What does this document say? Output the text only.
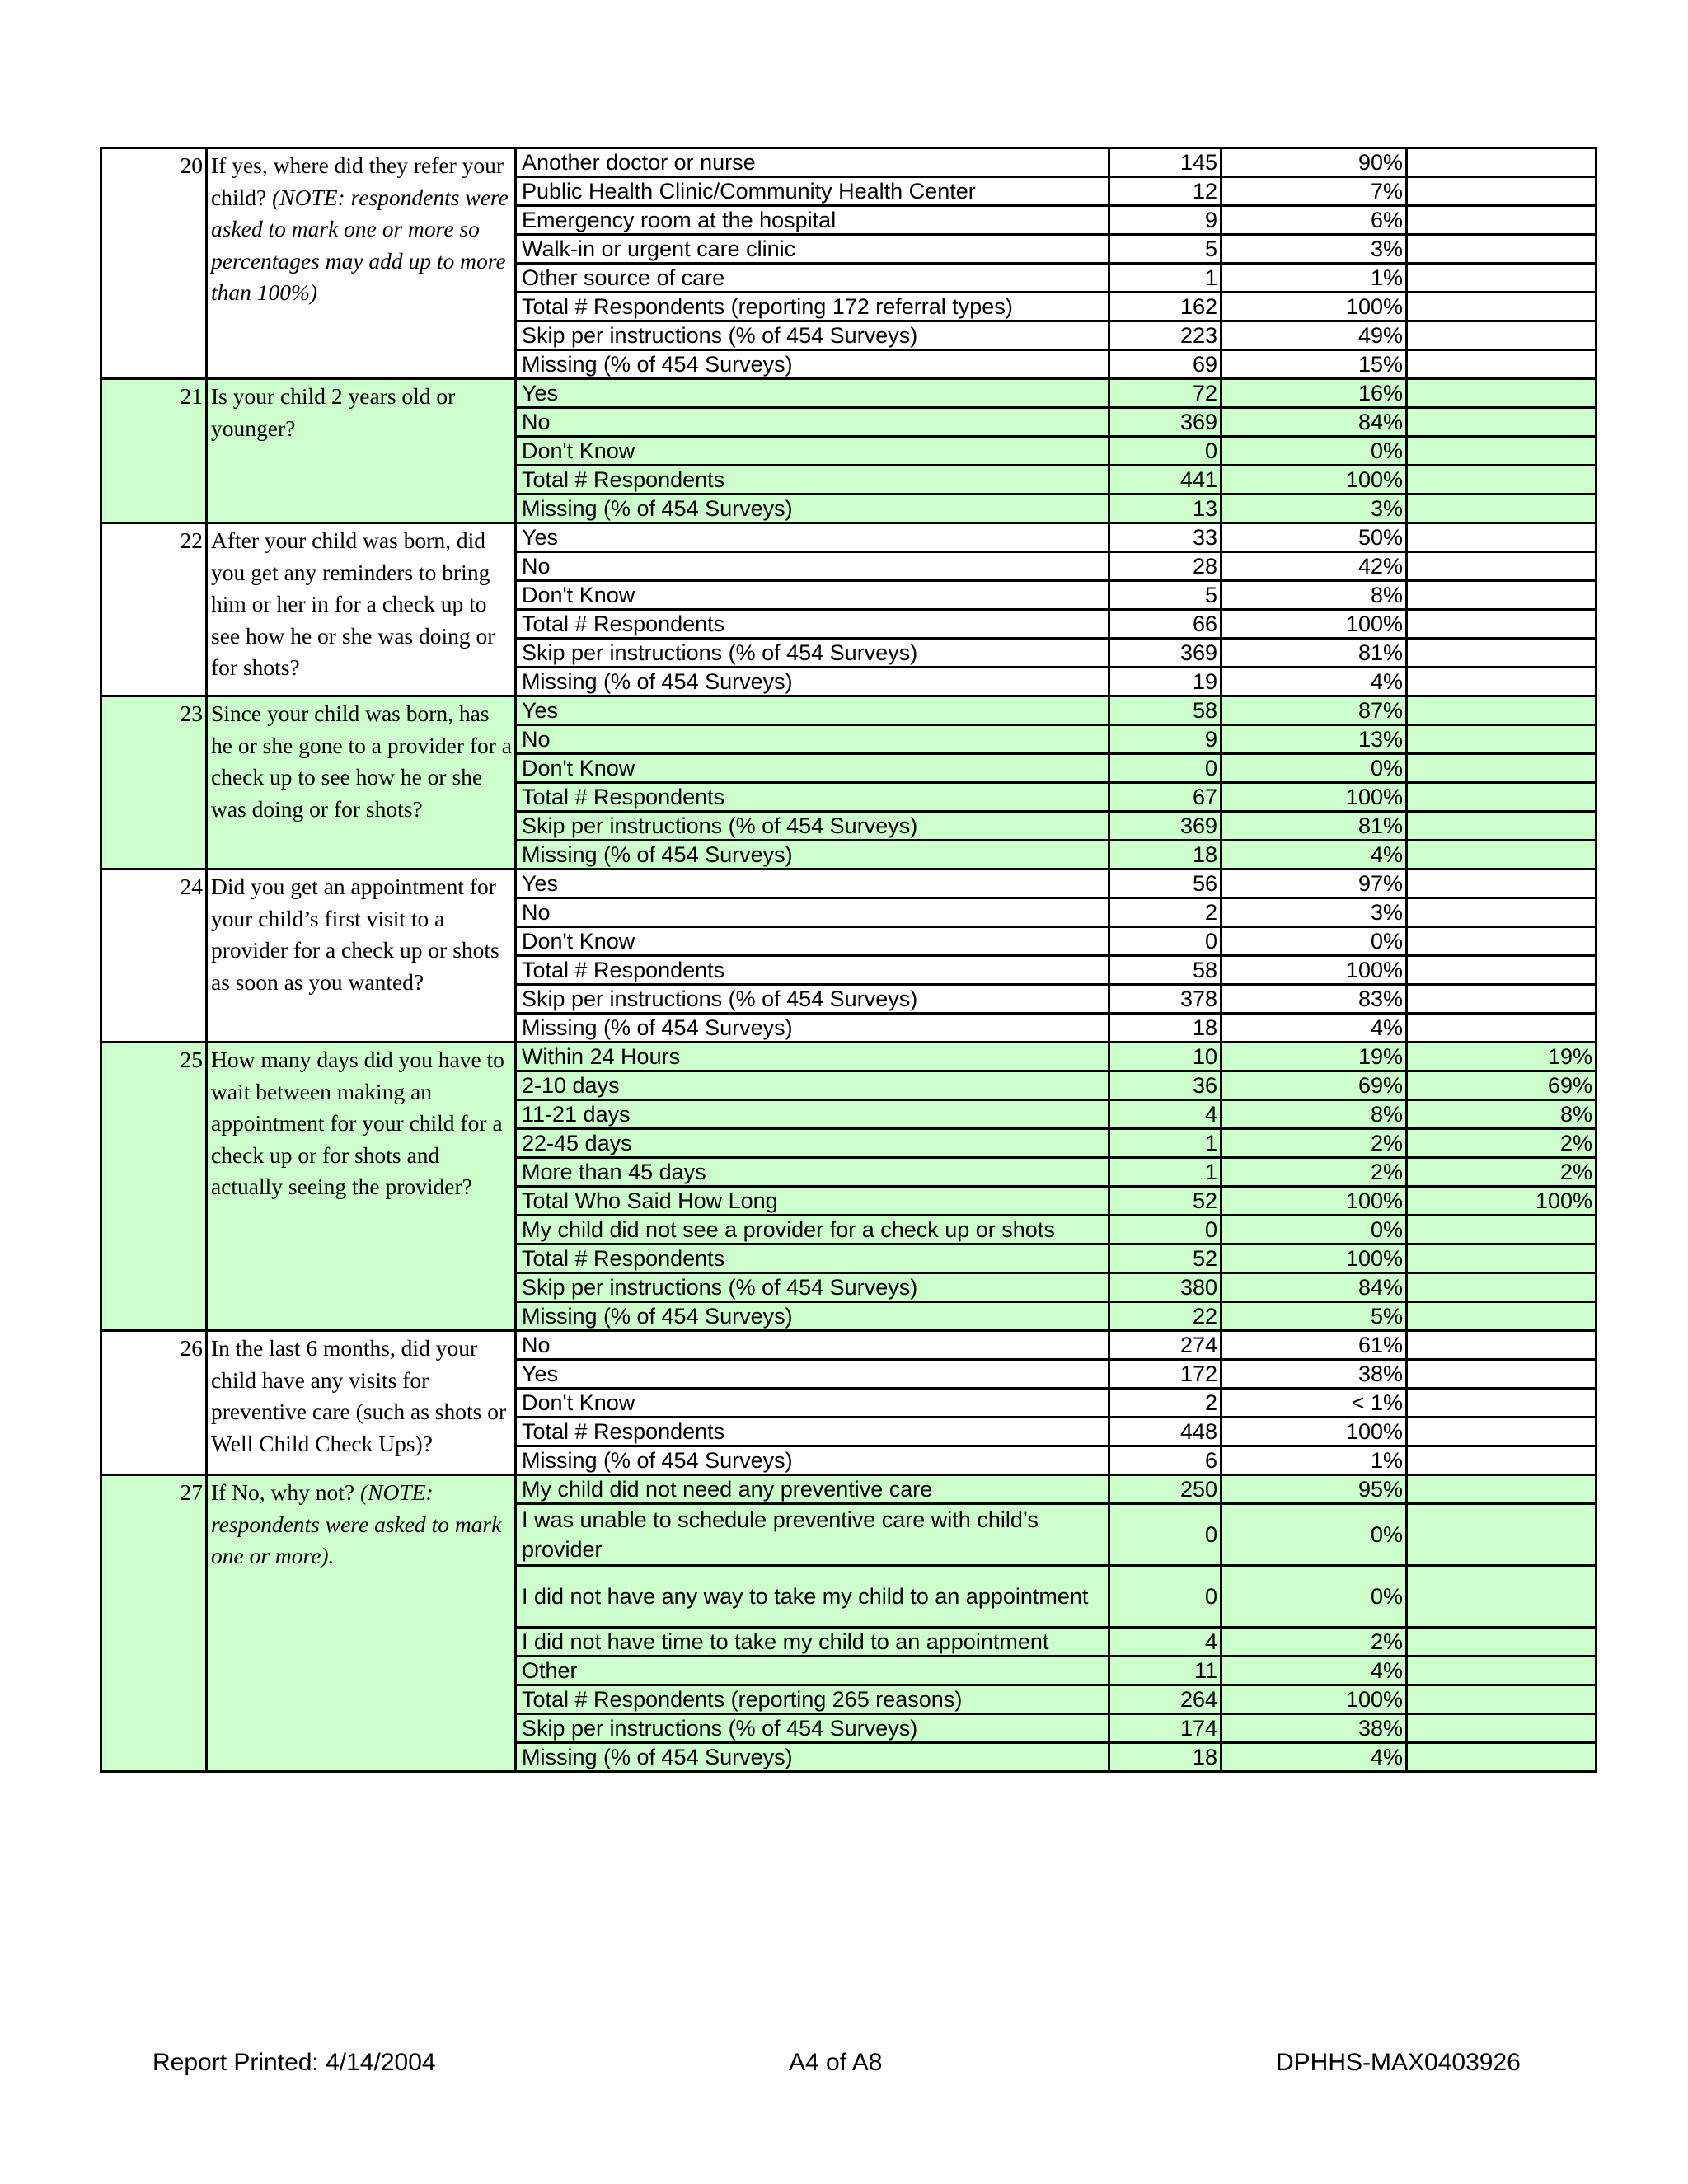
20	If yes, where did they refer your child? (NOTE: respondents were asked to mark one or more so percentages may add up to more than 100%)	Another doctor or nurse	145	90%	
		Public Health Clinic/Community Health Center	12	7%	
		Emergency room at the hospital	9	6%	
		Walk-in or urgent care clinic	5	3%	
		Other source of care	1	1%	
		Total # Respondents (reporting 172 referral types)	162	100%	
		Skip per instructions (% of 454 Surveys)	223	49%	
		Missing (% of 454 Surveys)	69	15%	
21	Is your child 2 years old or younger?	Yes	72	16%	
		No	369	84%	
		Don't Know	0	0%	
		Total # Respondents	441	100%	
		Missing (% of 454 Surveys)	13	3%	
22	After your child was born, did you get any reminders to bring him or her in for a check up to see how he or she was doing or for shots?	Yes	33	50%	
		No	28	42%	
		Don't Know	5	8%	
		Total # Respondents	66	100%	
		Skip per instructions (% of 454 Surveys)	369	81%	
		Missing (% of 454 Surveys)	19	4%	
23	Since your child was born, has he or she gone to a provider for a check up to see how he or she was doing or for shots?	Yes	58	87%	
		No	9	13%	
		Don't Know	0	0%	
		Total # Respondents	67	100%	
		Skip per instructions (% of 454 Surveys)	369	81%	
		Missing (% of 454 Surveys)	18	4%	
24	Did you get an appointment for your child’s first visit to a provider for a check up or shots as soon as you wanted?	Yes	56	97%	
		No	2	3%	
		Don't Know	0	0%	
		Total # Respondents	58	100%	
		Skip per instructions (% of 454 Surveys)	378	83%	
		Missing (% of 454 Surveys)	18	4%	
25	How many days did you have to wait between making an appointment for your child for a check up or for shots and actually seeing the provider?	Within 24 Hours	10	19%	19%
		2-10 days	36	69%	69%
		11-21 days	4	8%	8%
		22-45 days	1	2%	2%
		More than 45 days	1	2%	2%
		Total Who Said How Long	52	100%	100%
		My child did not see a provider for a check up or shots	0	0%	
		Total # Respondents	52	100%	
		Skip per instructions (% of 454 Surveys)	380	84%	
		Missing (% of 454 Surveys)	22	5%	
26	In the last 6 months, did your child have any visits for preventive care (such as shots or Well Child Check Ups)?	No	274	61%	
		Yes	172	38%	
		Don't Know	2	< 1%	
		Total # Respondents	448	100%	
		Missing (% of 454 Surveys)	6	1%	
27	If No, why not? (NOTE: respondents were asked to mark one or more).	My child did not need any preventive care	250	95%	
		I was unable to schedule preventive care with child’s provider	0	0%	
		I did not have any way to take my child to an appointment	0	0%	
		I did not have time to take my child to an appointment	4	2%	
		Other	11	4%	
		Total # Respondents (reporting 265 reasons)	264	100%	
		Skip per instructions (% of 454 Surveys)	174	38%	
		Missing (% of 454 Surveys)	18	4%	
Report Printed: 4/14/2004	A4 of A8	DPHHS-MAX0403926
